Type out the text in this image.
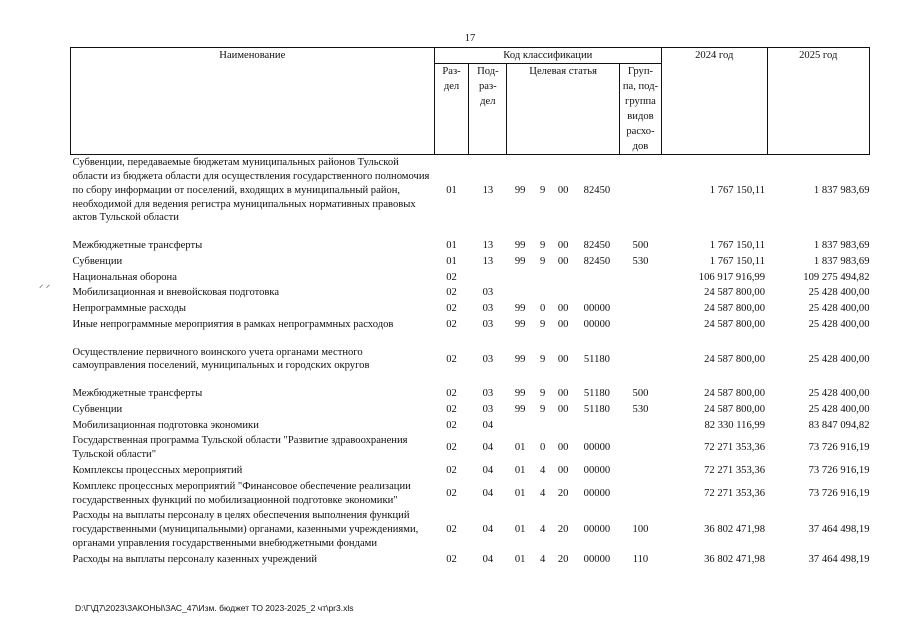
17
Наименование	Код классификации							2024 год	2025 год
	Раз-дел	Под-раз-дел	Целевая статья				Груп-па, под-группа видов расхо-дов		
Субвенции, передаваемые бюджетам муниципальных районов Тульской области из бюджета области для осуществления государственного полномочия по сбору информации от поселений, входящих в муниципальный район, необходимой для ведения регистра муниципальных нормативных правовых актов Тульской области	01	13	99	9	00	82450		1 767 150,11	1 837 983,69

Межбюджетные трансферты	01	13	99	9	00	82450	500	1 767 150,11	1 837 983,69
Субвенции	01	13	99	9	00	82450	530	1 767 150,11	1 837 983,69
Национальная оборона	02							106 917 916,99	109 275 494,82
Мобилизационная и вневойсковая подготовка	02	03						24 587 800,00	25 428 400,00
Непрограммные расходы	02	03	99	0	00	00000		24 587 800,00	25 428 400,00
Иные непрограммные мероприятия в рамках непрограммных расходов	02	03	99	9	00	00000		24 587 800,00	25 428 400,00

Осуществление первичного воинского учета органами местного самоуправления поселений, муниципальных и городских округов	02	03	99	9	00	51180		24 587 800,00	25 428 400,00

Межбюджетные трансферты	02	03	99	9	00	51180	500	24 587 800,00	25 428 400,00
Субвенции	02	03	99	9	00	51180	530	24 587 800,00	25 428 400,00
Мобилизационная подготовка экономики	02	04						82 330 116,99	83 847 094,82
Государственная программа Тульской области "Развитие здравоохранения Тульской области"	02	04	01	0	00	00000		72 271 353,36	73 726 916,19
Комплексы процессных мероприятий	02	04	01	4	00	00000		72 271 353,36	73 726 916,19
Комплекс процессных мероприятий "Финансовое обеспечение реализации государственных функций по мобилизационной подготовке экономики"	02	04	01	4	20	00000		72 271 353,36	73 726 916,19
Расходы на выплаты персоналу в целях обеспечения выполнения функций государственными (муниципальными) органами, казенными учреждениями, органами управления государственными внебюджетными фондами	02	04	01	4	20	00000	100	36 802 471,98	37 464 498,19
Расходы на выплаты персоналу казенных учреждений	02	04	01	4	20	00000	110	36 802 471,98	37 464 498,19
⸍ ⸍
D:\Г\Д7\2023\ЗАКОНЫ\ЗАС_47\Изм. бюджет ТО 2023-2025_2 чт\pr3.xls
